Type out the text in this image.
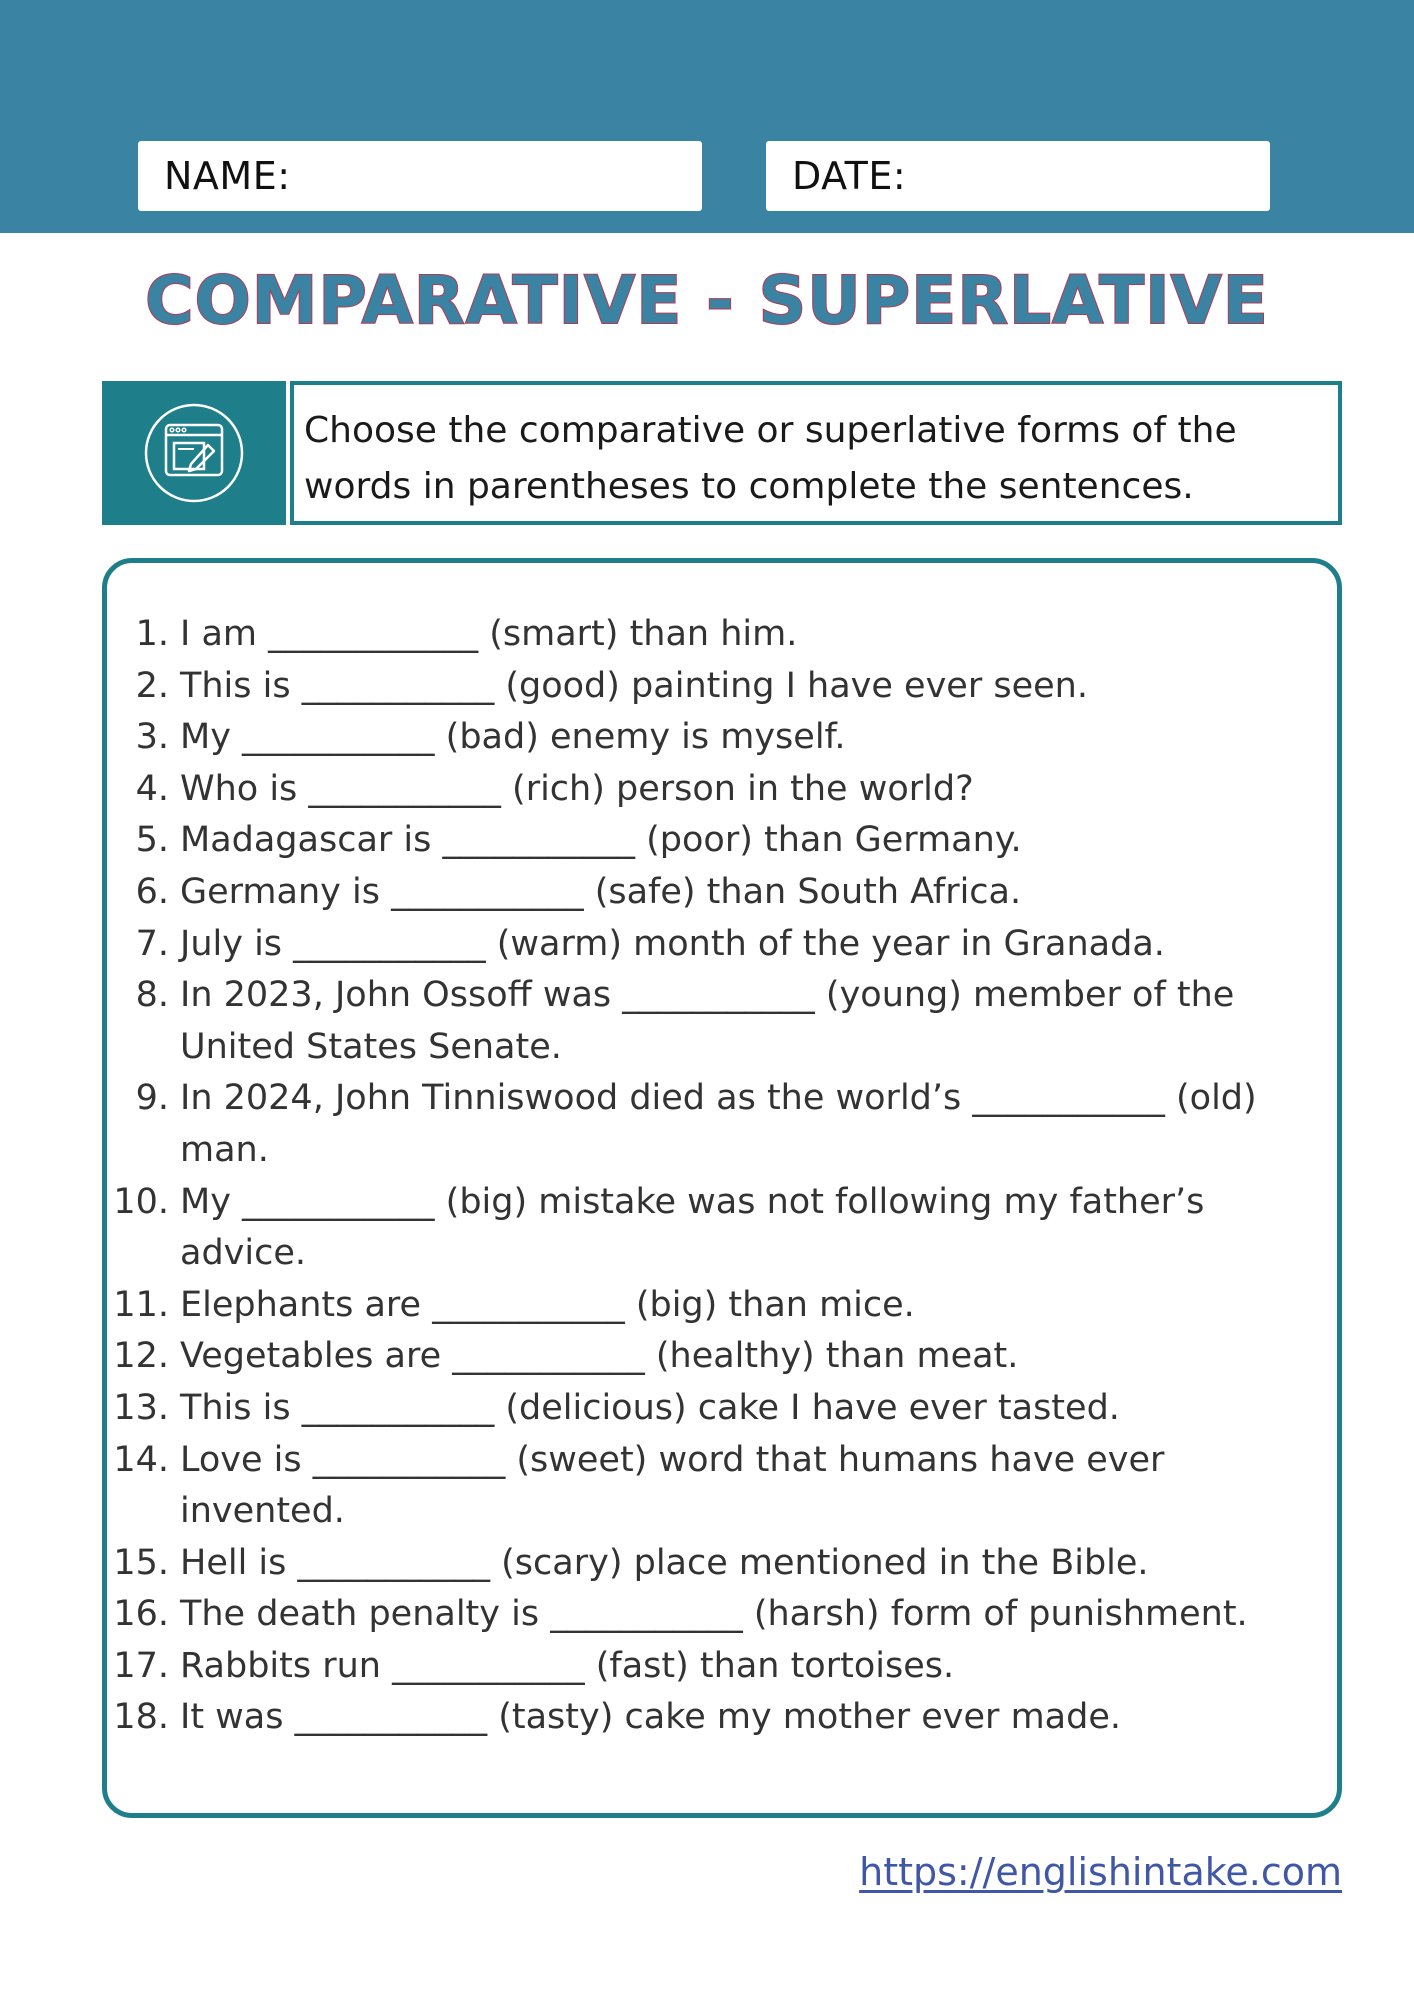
NAME:	DATE:
COMPARATIVE - SUPERLATIVE

Choose the comparative or superlative forms of the

words in parentheses to complete the sentences.

1. I am ____________ (smart) than him.
2. This is ___________ (good) painting I have ever seen.
3. My ___________ (bad) enemy is myself.
4. Who is ___________ (rich) person in the world?
5. Madagascar is ___________ (poor) than Germany.
6. Germany is ___________ (safe) than South Africa.
7. July is ___________ (warm) month of the year in Granada.
8. In 2023, John Ossoff was ___________ (young) member of the United States Senate.
9. In 2024, John Tinniswood died as the world’s ___________ (old) man.
10. My ___________ (big) mistake was not following my father’s advice.
11. Elephants are ___________ (big) than mice.
12. Vegetables are ___________ (healthy) than meat.
13. This is ___________ (delicious) cake I have ever tasted.
14. Love is ___________ (sweet) word that humans have ever invented.
15. Hell is ___________ (scary) place mentioned in the Bible.
16. The death penalty is ___________ (harsh) form of punishment.
17. Rabbits run ___________ (fast) than tortoises.
18. It was ___________ (tasty) cake my mother ever made.
https://englishintake.com
